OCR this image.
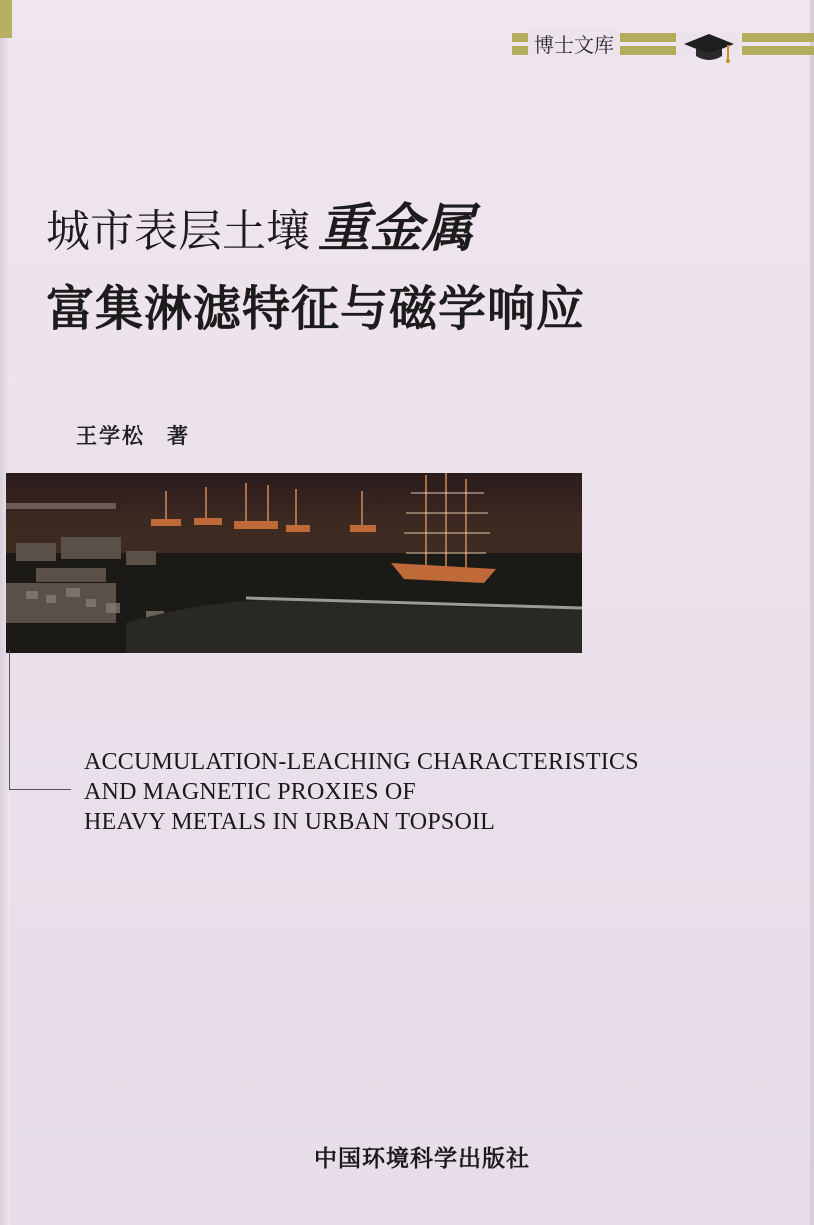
博士文库
城市表层土壤 重金属
富集淋滤特征与磁学响应
王学松 著
ACCUMULATION-LEACHING CHARACTERISTICS
AND MAGNETIC PROXIES OF
HEAVY METALS IN URBAN TOPSOIL
中国环境科学出版社
